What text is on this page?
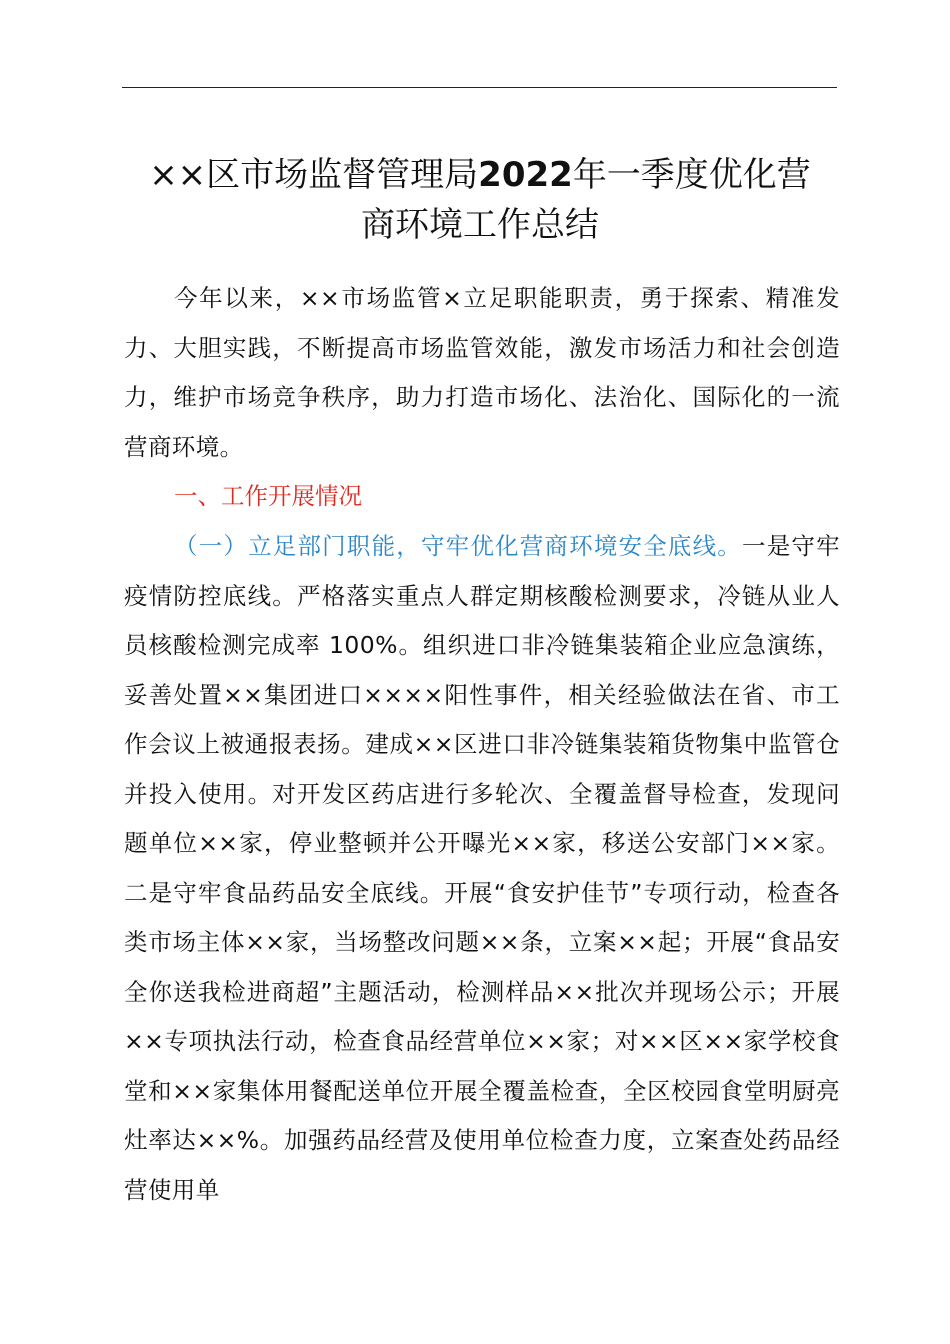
××区市场监督管理局2022年一季度优化营
商环境工作总结

今年以来，××市场监管×立足职能职责，勇于探索、精准发力、大胆实践，不断提高市场监管效能，激发市场活力和社会创造力，维护市场竞争秩序，助力打造市场化、法治化、国际化的一流营商环境。

一、工作开展情况

（一）立足部门职能，守牢优化营商环境安全底线。一是守牢疫情防控底线。严格落实重点人群定期核酸检测要求，冷链从业人员核酸检测完成率 100%。组织进口非冷链集装箱企业应急演练，妥善处置××集团进口××××阳性事件，相关经验做法在省、市工作会议上被通报表扬。建成××区进口非冷链集装箱货物集中监管仓并投入使用。对开发区药店进行多轮次、全覆盖督导检查，发现问题单位××家，停业整顿并公开曝光××家，移送公安部门××家。二是守牢食品药品安全底线。开展“食安护佳节”专项行动，检查各类市场主体××家，当场整改问题××条，立案××起；开展“食品安全你送我检进商超”主题活动，检测样品××批次并现场公示；开展××专项执法行动，检查食品经营单位××家；对××区××家学校食堂和××家集体用餐配送单位开展全覆盖检查，全区校园食堂明厨亮灶率达××%。加强药品经营及使用单位检查力度，立案查处药品经营使用单
